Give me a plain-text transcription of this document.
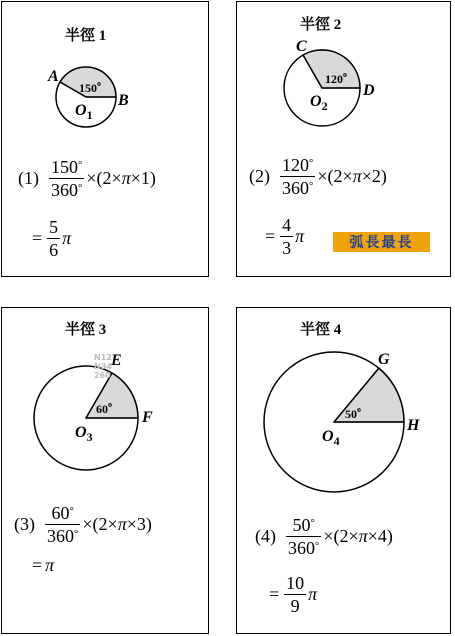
半徑 1
150$^o$
A
B
$O_1$
$(1) \frac{150^\circ}{360^\circ} \times(2\times \pi \times 1)$
= $\frac{5}{6}$ π
半徑 2
120$^o$
C
D
$O_2$
$(2) \frac{120^\circ}{360^\circ} \times(2\times \pi \times 2)$
= $\frac{4}{3}$ π	弧長最長
半徑 3
60$^o$
E
F
$O_3$
N12
N34
260
$(3) \frac{60^\circ}{360^\circ} \times(2\times \pi \times 3)$
= π
半徑 4
50$^o$
G
H
$O_4$
$(4) \frac{50^\circ}{360^\circ} \times(2\times \pi \times 4)$
= $\frac{10}{9}$ π
